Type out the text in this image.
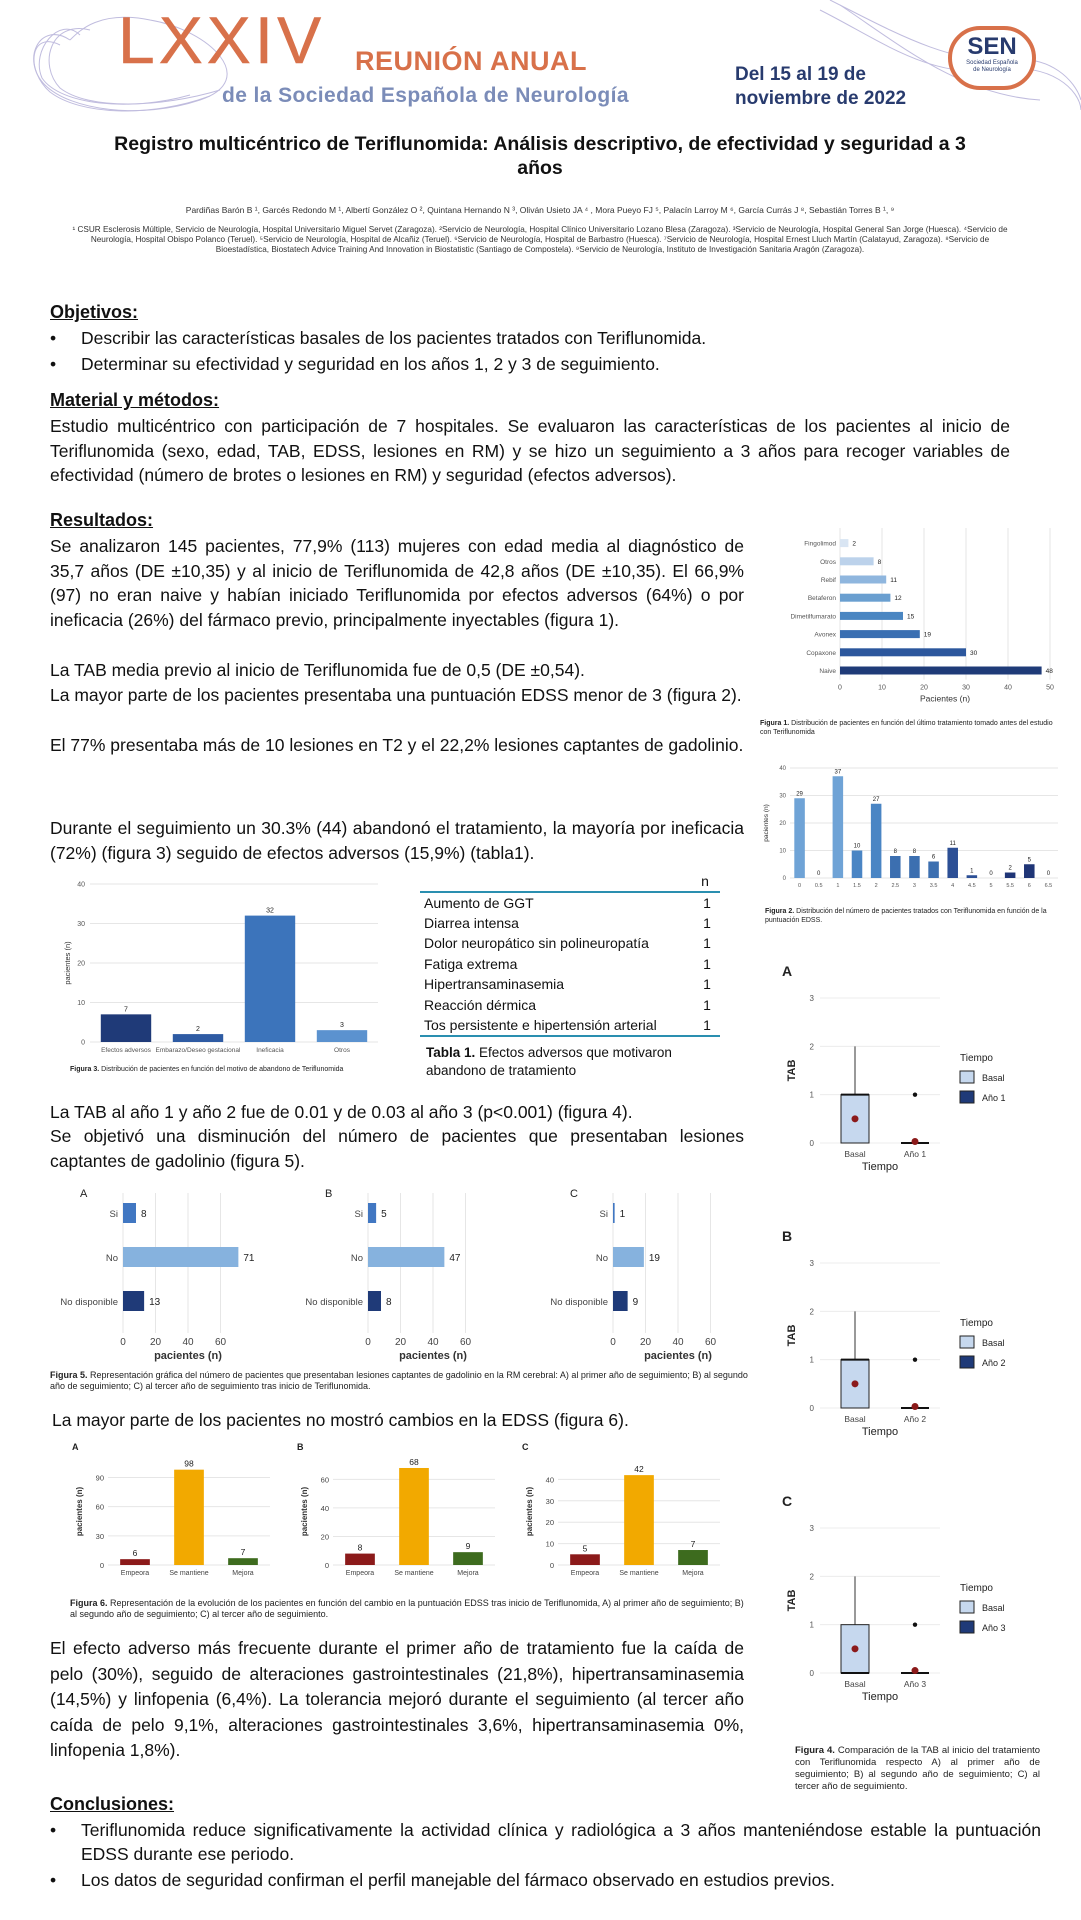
LXXIV REUNIÓN ANUAL
de la Sociedad Española de Neurología
Del 15 al 19 de
noviembre de 2022
SEN
Sociedad Española
de Neurología
Registro multicéntrico de Teriflunomida: Análisis descriptivo, de efectividad y seguridad a 3
años
Pardiñas Barón B ¹, Garcés Redondo M ¹, Albertí González O ², Quintana Hernando N ³, Oliván Usieto JA ⁴ , Mora Pueyo FJ ⁵, Palacín Larroy M ⁶, García Currás J ⁸, Sebastián Torres B ¹, ⁹
¹ CSUR Esclerosis Múltiple, Servicio de Neurología, Hospital Universitario Miguel Servet (Zaragoza). ²Servicio de Neurología, Hospital Clínico Universitario Lozano Blesa (Zaragoza). ³Servicio de Neurología, Hospital General San Jorge (Huesca). ⁴Servicio de Neurología, Hospital Obispo Polanco (Teruel). ⁵Servicio de Neurología, Hospital de Alcañiz (Teruel). ⁶Servicio de Neurología, Hospital de Barbastro (Huesca). ⁷Servicio de Neurología, Hospital Ernest Lluch Martín (Calatayud, Zaragoza). ⁸Servicio de Bioestadística, Biostatech Advice Training And Innovation in Biostatistic (Santiago de Compostela). ⁹Servicio de Neurología, Instituto de Investigación Sanitaria Aragón (Zaragoza).
Objetivos:
• Describir las características basales de los pacientes tratados con Teriflunomida.
• Determinar su efectividad y seguridad en los años 1, 2 y 3 de seguimiento.
Material y métodos:
Estudio multicéntrico con participación de 7 hospitales. Se evaluaron las características de los pacientes al inicio de Teriflunomida (sexo, edad, TAB, EDSS, lesiones en RM) y se hizo un seguimiento a 3 años para recoger variables de efectividad (número de brotes o lesiones en RM) y seguridad (efectos adversos).
Resultados:
Se analizaron 145 pacientes, 77,9% (113) mujeres con edad media al diagnóstico de 35,7 años (DE ±10,35) y al inicio de Teriflunomida de 42,8 años (DE ±10,35). El 66,9% (97) no eran naive y habían iniciado Teriflunomida por efectos adversos (64%) o por ineficacia (26%) del fármaco previo, principalmente inyectables (figura 1).
La TAB media previo al inicio de Teriflunomida fue de 0,5 (DE ±0,54).
La mayor parte de los pacientes presentaba una puntuación EDSS menor de 3 (figura 2).
El 77% presentaba más de 10 lesiones en T2 y el 22,2% lesiones captantes de gadolinio.
Durante el seguimiento un 30.3% (44) abandonó el tratamiento, la mayoría por ineficacia (72%) (figura 3) seguido de efectos adversos (15,9%) (tabla1).
0	10	20	30	40	50
Fingolimod	2
Otros	8
Rebif	11
Betaferon	12
Dimetilfumarato	15
Avonex	19
Copaxone	30
Naive	48
Pacientes (n)
Figura 1. Distribución de pacientes en función del último tratamiento tomado antes del estudio con Teriflunomida
0
10
20
30
40
29
0
0
0.5
37
1
10
1.5
27
2
8
2.5
8
3
6
3.5
11
4
1
4.5
0
5
2
5.5
5
6
0
6.5
pacientes (n)
Figura 2. Distribución del número de pacientes tratados con Teriflunomida en función de la puntuación EDSS.
0
10
20
30
40
7
Efectos adversos
2
Embarazo/Deseo gestacional
32
Ineficacia
3
Otros
pacientes (n)
Figura 3. Distribución de pacientes en función del motivo de abandono de Teriflunomida
	n
Aumento de GGT	1
Diarrea intensa	1
Dolor neuropático sin polineuropatía	1
Fatiga extrema	1
Hipertransaminasemia	1
Reacción dérmica	1
Tos persistente e hipertensión arterial	1
Tabla 1. Efectos adversos que motivaron abandono de tratamiento
A
0
1
2
3
Basal	Año 1
Tiempo
TAB
Tiempo
Basal
Año 1
B
0
1
2
3
Basal	Año 2
Tiempo
TAB
Tiempo
Basal
Año 2
C
0
1
2
3
Basal	Año 3
Tiempo
TAB
Tiempo
Basal
Año 3
Figura 4. Comparación de la TAB al inicio del tratamiento con Teriflunomida respecto A) al primer año de seguimiento; B) al segundo año de seguimiento; C) al tercer año de seguimiento.
La TAB al año 1 y año 2 fue de 0.01 y de 0.03 al año 3 (p<0.001) (figura 4).
Se objetivó una disminución del número de pacientes que presentaban lesiones captantes de gadolinio (figura 5).
A
0 20 40 60
Si 8
No	71
No disponible	13
pacientes (n)
B
0 20 40 60
Si 5
No	47
No disponible 8
pacientes (n)
C
0 20 40 60
Si 1
No	19
No disponible 9
pacientes (n)
Figura 5. Representación gráfica del número de pacientes que presentaban lesiones captantes de gadolinio en la RM cerebral: A) al primer año de seguimiento; B) al segundo año de seguimiento; C) al tercer año de seguimiento tras inicio de Teriflunomida.
La mayor parte de los pacientes no mostró cambios en la EDSS (figura 6).
A
0
30
60
90
6
Empeora
98
Se mantiene
7
Mejora
pacientes (n)
B
0
20
40
60
8
Empeora
68
Se mantiene
9
Mejora
pacientes (n)
C
0
10
20
30
40
5
Empeora
42
Se mantiene
7
Mejora
pacientes (n)
Figura 6. Representación de la evolución de los pacientes en función del cambio en la puntuación EDSS tras inicio de Teriflunomida, A) al primer año de seguimiento; B) al segundo año de seguimiento; C) al tercer año de seguimiento.
El efecto adverso más frecuente durante el primer año de tratamiento fue la caída de pelo (30%), seguido de alteraciones gastrointestinales (21,8%), hipertransaminasemia (14,5%) y linfopenia (6,4%). La tolerancia mejoró durante el seguimiento (al tercer año caída de pelo 9,1%, alteraciones gastrointestinales 3,6%, hipertransaminasemia 0%, linfopenia 1,8%).
Conclusiones:
• Teriflunomida reduce significativamente la actividad clínica y radiológica a 3 años manteniéndose estable la puntuación EDSS durante ese periodo.
• Los datos de seguridad confirman el perfil manejable del fármaco observado en estudios previos.
